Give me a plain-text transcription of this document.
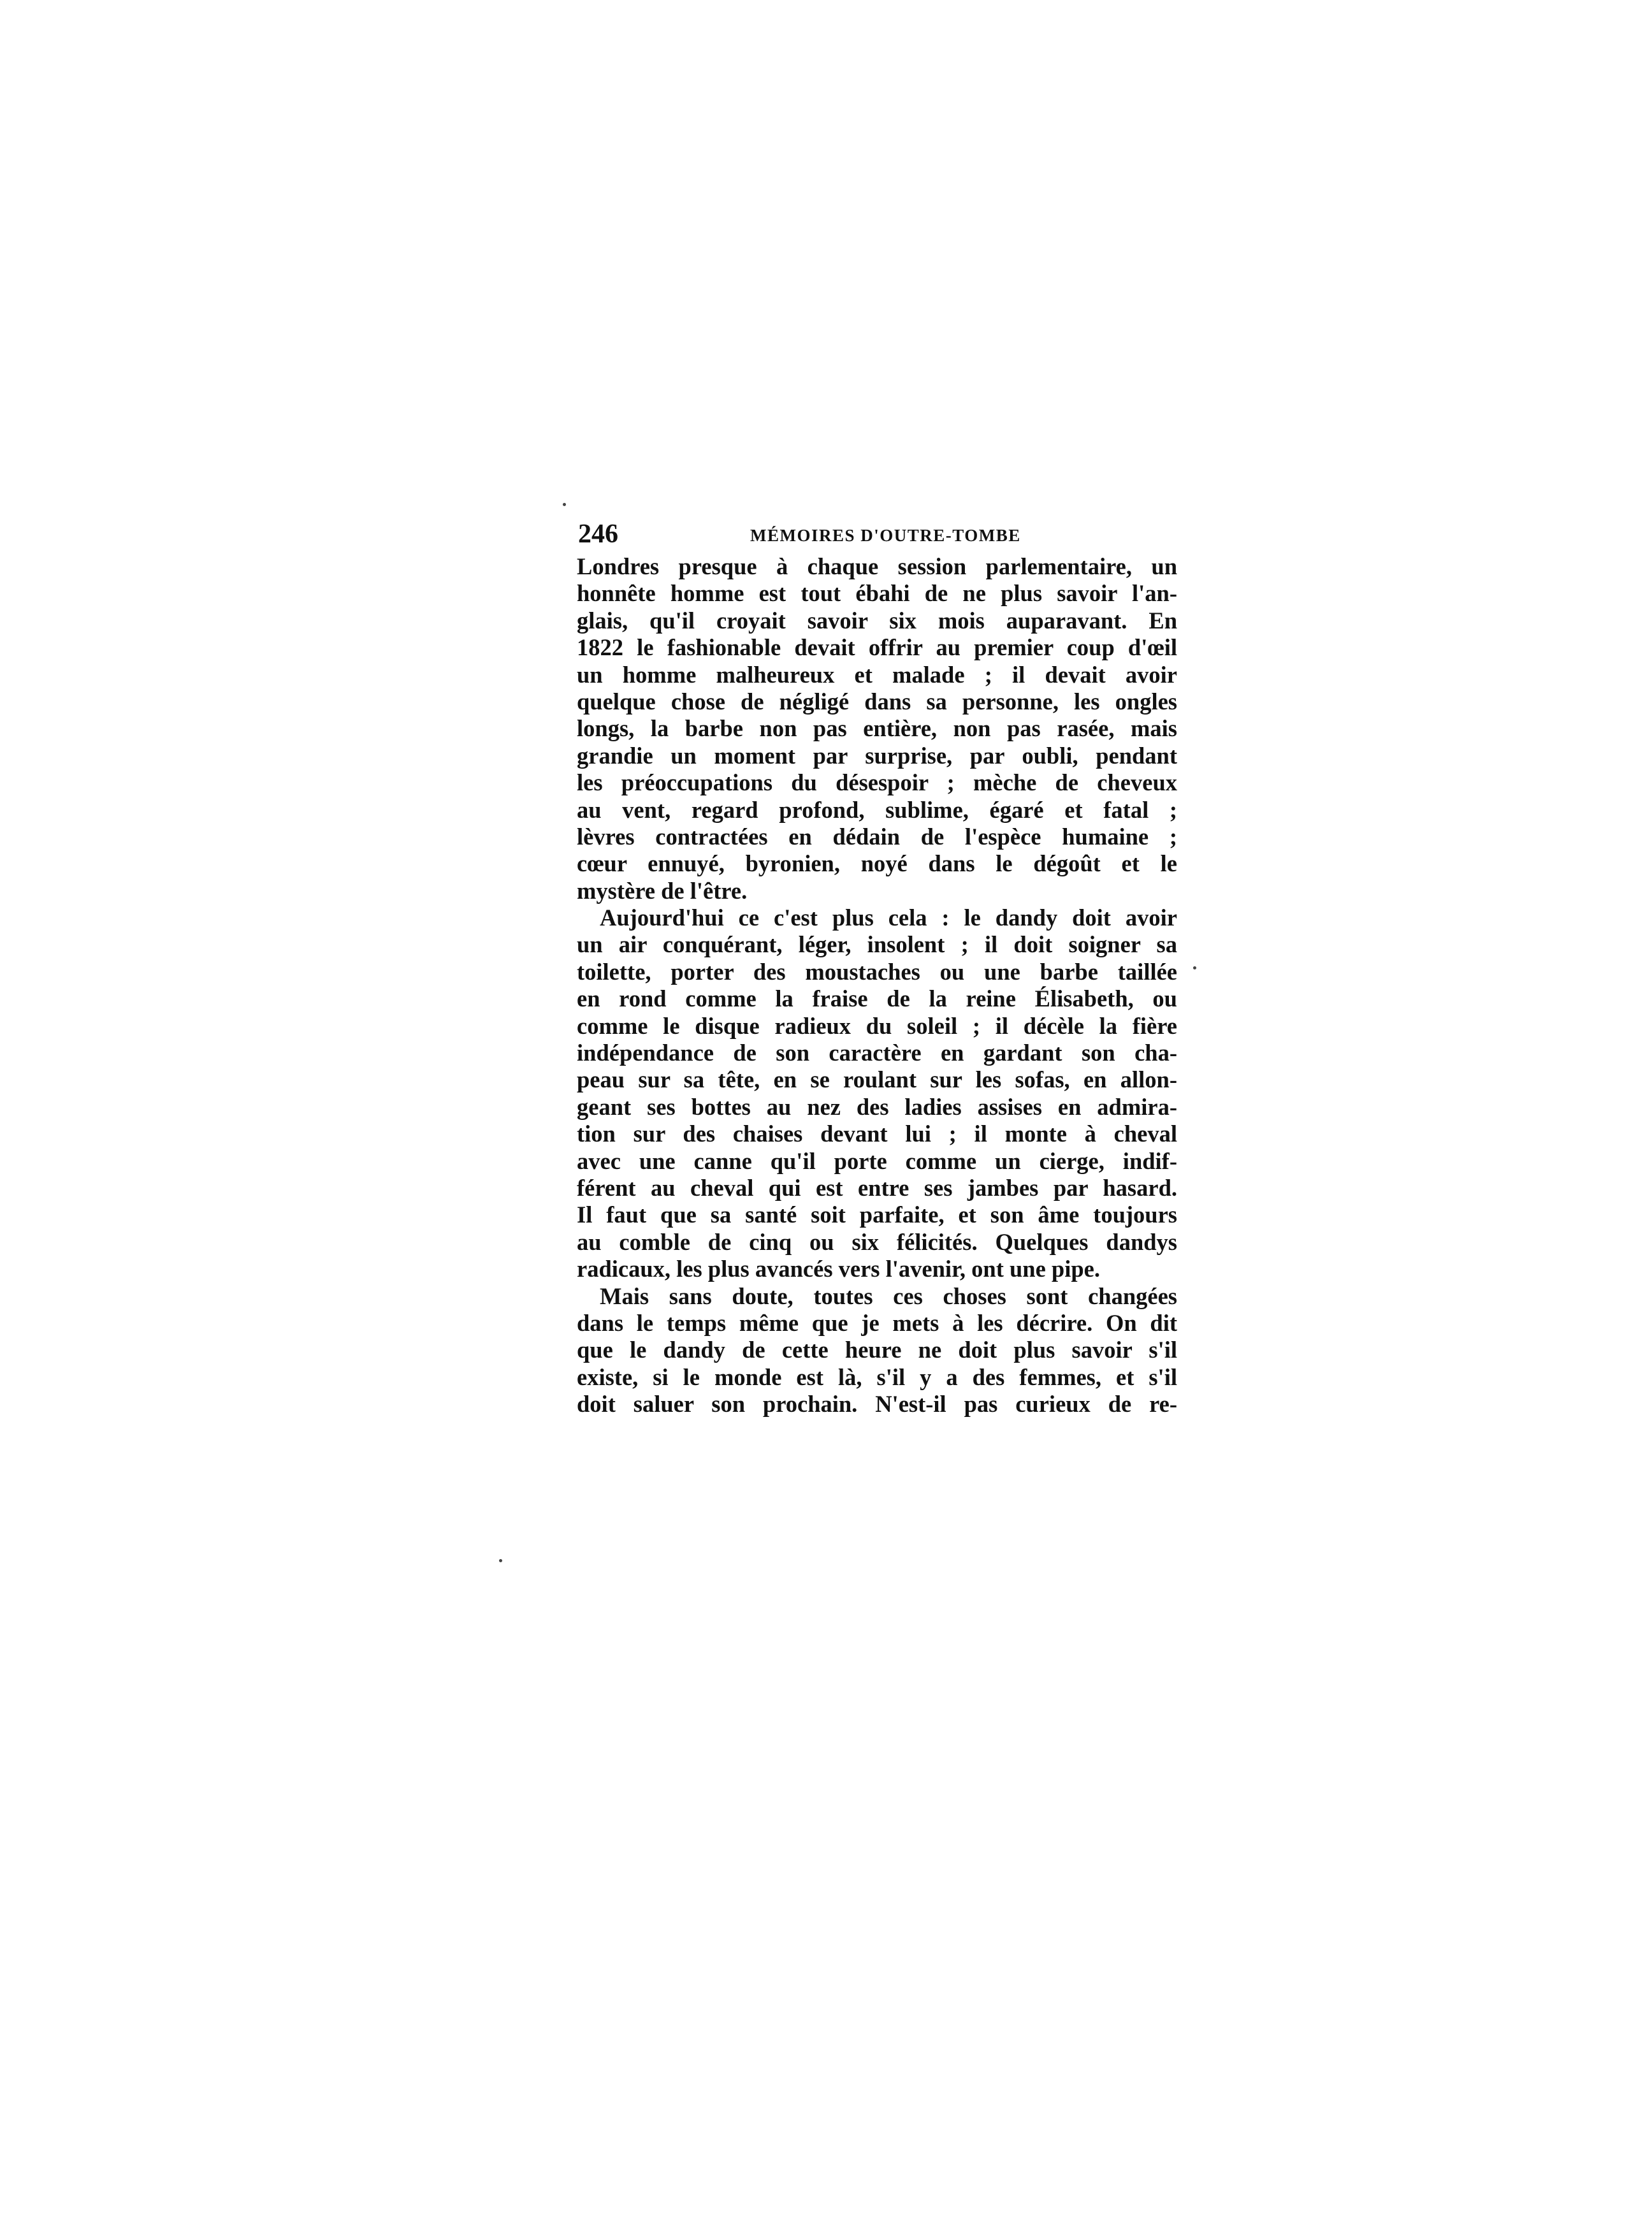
246	MÉMOIRES D'OUTRE-TOMBE
Londres presque à chaque session parlementaire, un
honnête homme est tout ébahi de ne plus savoir l'an-
glais, qu'il croyait savoir six mois auparavant. En
1822 le fashionable devait offrir au premier coup d'œil
un homme malheureux et malade ; il devait avoir
quelque chose de négligé dans sa personne, les ongles
longs, la barbe non pas entière, non pas rasée, mais
grandie un moment par surprise, par oubli, pendant
les préoccupations du désespoir ; mèche de cheveux
au vent, regard profond, sublime, égaré et fatal ;
lèvres contractées en dédain de l'espèce humaine ;
cœur ennuyé, byronien, noyé dans le dégoût et le
mystère de l'être.
Aujourd'hui ce c'est plus cela : le dandy doit avoir
un air conquérant, léger, insolent ; il doit soigner sa
toilette, porter des moustaches ou une barbe taillée
en rond comme la fraise de la reine Élisabeth, ou
comme le disque radieux du soleil ; il décèle la fière
indépendance de son caractère en gardant son cha-
peau sur sa tête, en se roulant sur les sofas, en allon-
geant ses bottes au nez des ladies assises en admira-
tion sur des chaises devant lui ; il monte à cheval
avec une canne qu'il porte comme un cierge, indif-
férent au cheval qui est entre ses jambes par hasard.
Il faut que sa santé soit parfaite, et son âme toujours
au comble de cinq ou six félicités. Quelques dandys
radicaux, les plus avancés vers l'avenir, ont une pipe.
Mais sans doute, toutes ces choses sont changées
dans le temps même que je mets à les décrire. On dit
que le dandy de cette heure ne doit plus savoir s'il
existe, si le monde est là, s'il y a des femmes, et s'il
doit saluer son prochain. N'est-il pas curieux de re-
